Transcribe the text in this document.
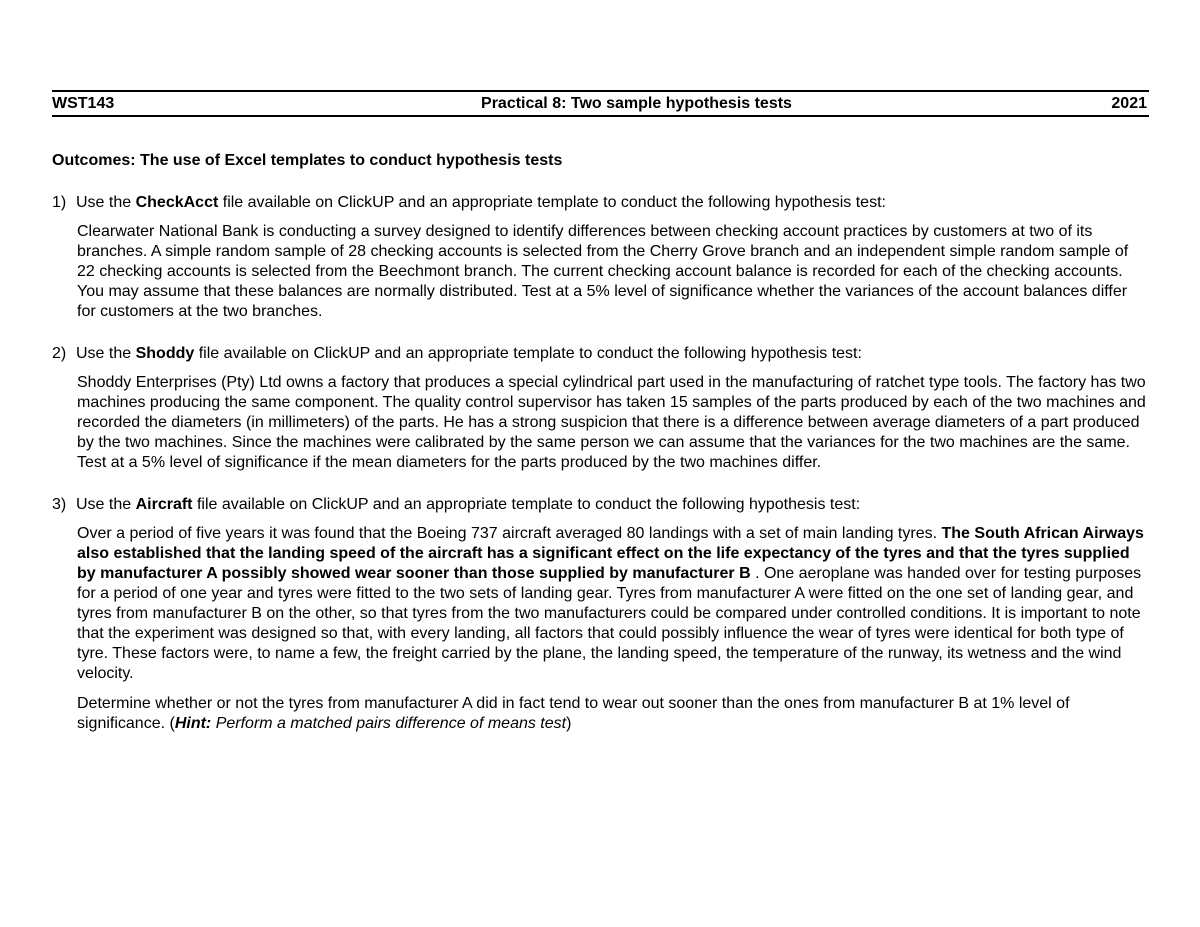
WST143	Practical 8: Two sample hypothesis tests	2021
Outcomes: The use of Excel templates to conduct hypothesis tests
1) Use the CheckAcct file available on ClickUP and an appropriate template to conduct the following hypothesis test:
Clearwater National Bank is conducting a survey designed to identify differences between checking account practices by customers at two of its branches. A simple random sample of 28 checking accounts is selected from the Cherry Grove branch and an independent simple random sample of 22 checking accounts is selected from the Beechmont branch. The current checking account balance is recorded for each of the checking accounts. You may assume that these balances are normally distributed. Test at a 5% level of significance whether the variances of the account balances differ for customers at the two branches.
2) Use the Shoddy file available on ClickUP and an appropriate template to conduct the following hypothesis test:
Shoddy Enterprises (Pty) Ltd owns a factory that produces a special cylindrical part used in the manufacturing of ratchet type tools. The factory has two machines producing the same component. The quality control supervisor has taken 15 samples of the parts produced by each of the two machines and recorded the diameters (in millimeters) of the parts. He has a strong suspicion that there is a difference between average diameters of a part produced by the two machines. Since the machines were calibrated by the same person we can assume that the variances for the two machines are the same. Test at a 5% level of significance if the mean diameters for the parts produced by the two machines differ.
3) Use the Aircraft file available on ClickUP and an appropriate template to conduct the following hypothesis test:
Over a period of five years it was found that the Boeing 737 aircraft averaged 80 landings with a set of main landing tyres. The South African Airways also established that the landing speed of the aircraft has a significant effect on the life expectancy of the tyres and that the tyres supplied by manufacturer A possibly showed wear sooner than those supplied by manufacturer B . One aeroplane was handed over for testing purposes for a period of one year and tyres were fitted to the two sets of landing gear. Tyres from manufacturer A were fitted on the one set of landing gear, and tyres from manufacturer B on the other, so that tyres from the two manufacturers could be compared under controlled conditions. It is important to note that the experiment was designed so that, with every landing, all factors that could possibly influence the wear of tyres were identical for both type of tyre. These factors were, to name a few, the freight carried by the plane, the landing speed, the temperature of the runway, its wetness and the wind velocity.
Determine whether or not the tyres from manufacturer A did in fact tend to wear out sooner than the ones from manufacturer B at 1% level of significance. (Hint: Perform a matched pairs difference of means test)
